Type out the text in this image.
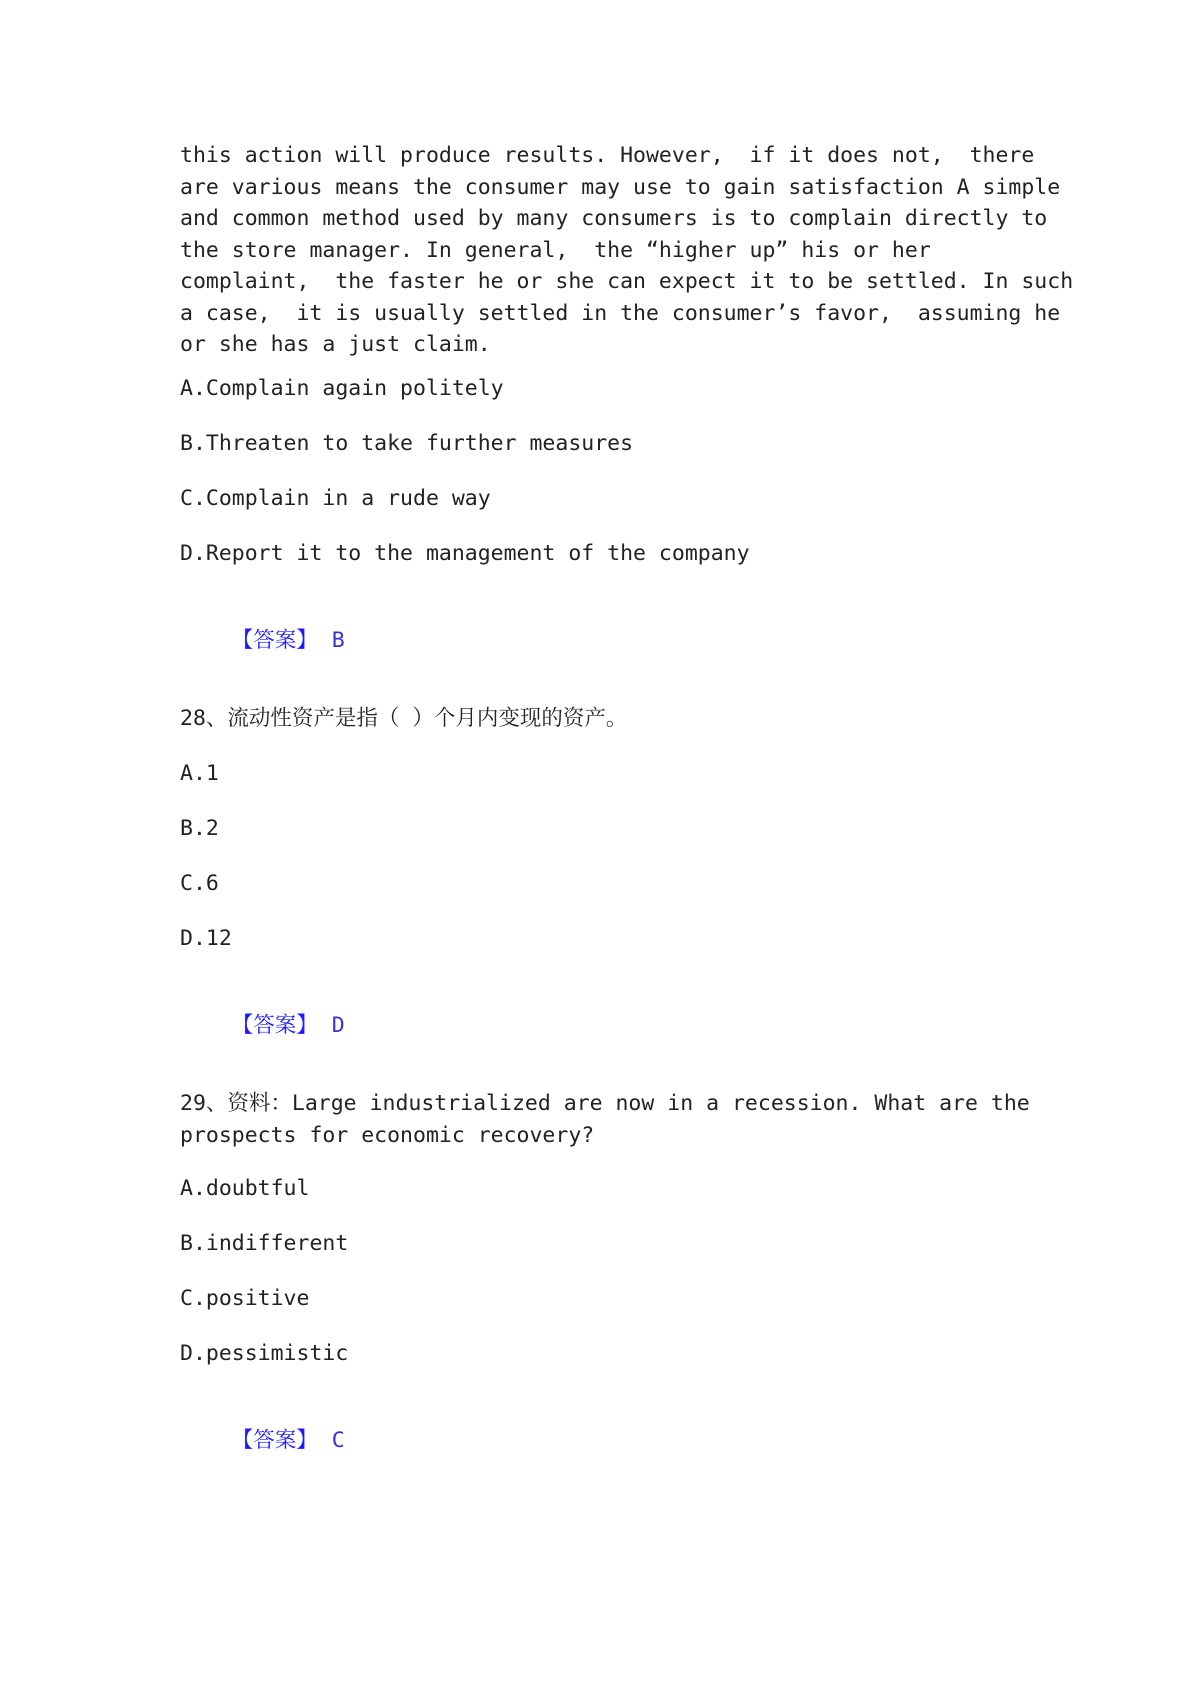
this action will produce results. However,  if it does not,  there

are various means the consumer may use to gain satisfaction A simple

and common method used by many consumers is to complain directly to

the store manager. In general,  the “higher up” his or her

complaint,  the faster he or she can expect it to be settled. In such

a case,  it is usually settled in the consumer’s favor,  assuming he

or she has a just claim.

A.Complain again politely

B.Threaten to take further measures

C.Complain in a rude way

D.Report it to the management of the company

【答案】 B

28、流动性资产是指（ ）个月内变现的资产。

A.1

B.2

C.6

D.12

【答案】 D

29、资料：Large industrialized are now in a recession. What are the

prospects for economic recovery?

A.doubtful

B.indifferent

C.positive

D.pessimistic

【答案】 C
